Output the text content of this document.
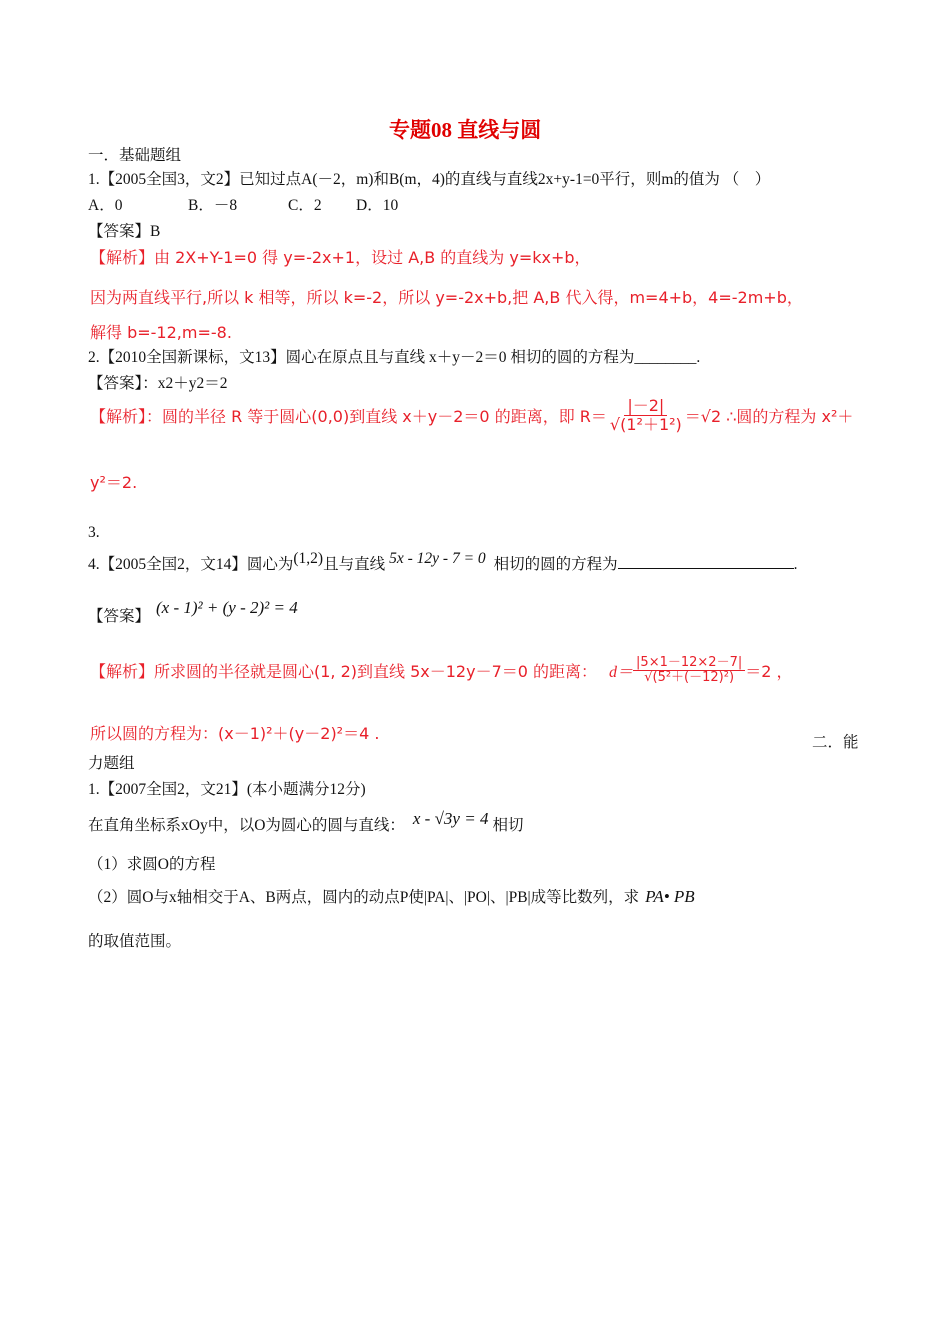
专题08 直线与圆
一．基础题组
1.【2005全国3，文2】已知过点A(－2，m)和B(m，4)的直线与直线2x+y-1=0平行，则m的值为 （　）
A．0	B．－8	C．2 D．10
【答案】B
【解析】由 2X+Y-1=0 得 y=-2x+1，设过 A,B 的直线为 y=kx+b，
因为两直线平行,所以 k 相等，所以 k=-2，所以 y=-2x+b,把 A,B 代入得，m=4+b，4=-2m+b，
解得 b=-12,m=-8.
2.【2010全国新课标，文13】圆心在原点且与直线 x＋y－2＝0 相切的圆的方程为________.
【答案】：x2＋y2＝2
【解析】：圆的半径 R 等于圆心(0,0)到直线 x＋y－2＝0 的距离，即 $R= \frac{|-2|}{\text{√(1²＋1²)}} =√2$ ∴圆的方程为 x²＋
y²＝2.
3.
4.【2005全国2，文14】圆心为 (1,2) 且与直线 5x - 12y - 7 = 0 相切的圆的方程为	.
【答案】 (x - 1)² + (y - 2)² = 4
【解析】所求圆的半径就是圆心(1, 2)到直线 5x－12y－7＝0 的距离： $d= \frac{|5\times 1-12\times 2-7|}{\text{√(5²＋(－12)²)}} =2$ ，
所以圆的方程为：(x－1)²＋(y－2)²＝4 .	二．能
力题组
1.【2007全国2，文21】(本小题满分12分)
在直角坐标系xOy中，以O为圆心的圆与直线： x - √3y = 4 相切
（1）求圆O的方程
（2）圆O与x轴相交于A、B两点，圆内的动点P使|PA|、|PO|、|PB|成等比数列，求 PA• PB
的取值范围。
